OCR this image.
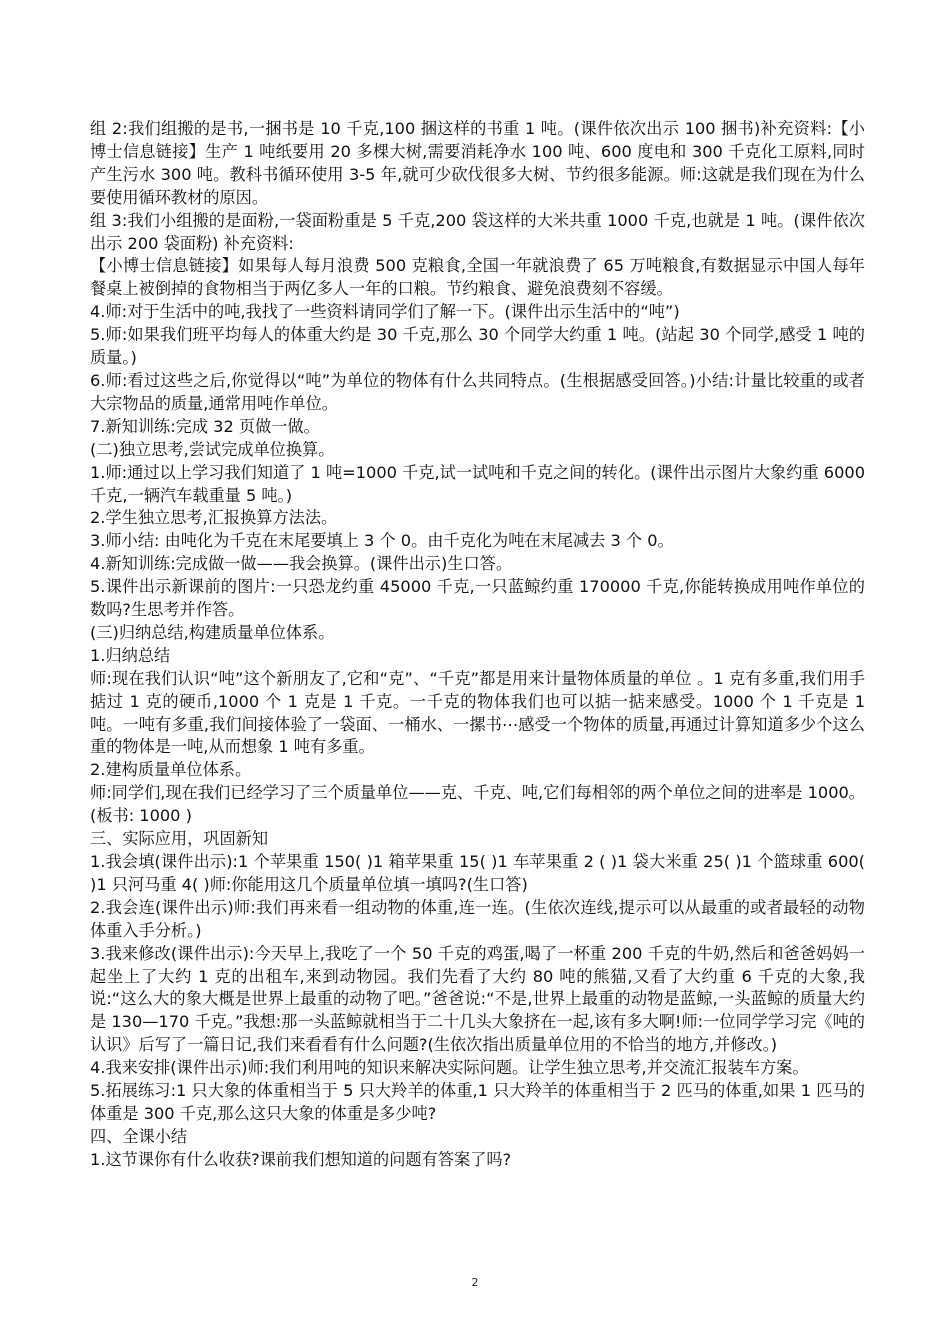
组 2:我们组搬的是书,一捆书是 10 千克,100 捆这样的书重 1 吨。(课件依次出示 100 捆书)补充资料:【小博士信息链接】生产 1 吨纸要用 20 多棵大树,需要消耗净水 100 吨、600 度电和 300 千克化工原料,同时产生污水 300 吨。教科书循环使用 3-5 年,就可少砍伐很多大树、节约很多能源。师:这就是我们现在为什么要使用循环教材的原因。

组 3:我们小组搬的是面粉,一袋面粉重是 5 千克,200 袋这样的大米共重 1000 千克,也就是 1 吨。(课件依次出示 200 袋面粉) 补充资料:

【小博士信息链接】如果每人每月浪费 500 克粮食,全国一年就浪费了 65 万吨粮食,有数据显示中国人每年餐桌上被倒掉的食物相当于两亿多人一年的口粮。节约粮食、避免浪费刻不容缓。

4.师:对于生活中的吨,我找了一些资料请同学们了解一下。(课件出示生活中的“吨”)

5.师:如果我们班平均每人的体重大约是 30 千克,那么 30 个同学大约重 1 吨。(站起 30 个同学,感受 1 吨的质量。)

6.师:看过这些之后,你觉得以“吨”为单位的物体有什么共同特点。(生根据感受回答。)小结:计量比较重的或者大宗物品的质量,通常用吨作单位。

7.新知训练:完成 32 页做一做。

(二)独立思考,尝试完成单位换算。

1.师:通过以上学习我们知道了 1 吨=1000 千克,试一试吨和千克之间的转化。(课件出示图片大象约重 6000 千克,一辆汽车载重量 5 吨。)

2.学生独立思考,汇报换算方法法。

3.师小结: 由吨化为千克在末尾要填上 3 个 0。由千克化为吨在末尾减去 3 个 0。

4.新知训练:完成做一做——我会换算。(课件出示)生口答。

5.课件出示新课前的图片:一只恐龙约重 45000 千克,一只蓝鲸约重 170000 千克,你能转换成用吨作单位的数吗?生思考并作答。

(三)归纳总结,构建质量单位体系。

1.归纳总结

师:现在我们认识“吨”这个新朋友了,它和“克”、“千克”都是用来计量物体质量的单位 。1 克有多重,我们用手掂过 1 克的硬币,1000 个 1 克是 1 千克。一千克的物体我们也可以掂一掂来感受。1000 个 1 千克是 1 吨。一吨有多重,我们间接体验了一袋面、一桶水、一摞书⋯感受一个物体的质量,再通过计算知道多少个这么重的物体是一吨,从而想象 1 吨有多重。

2.建构质量单位体系。

师:同学们,现在我们已经学习了三个质量单位——克、千克、吨,它们每相邻的两个单位之间的进率是 1000。(板书: 1000 )

三、实际应用，巩固新知

1.我会填(课件出示):1 个苹果重 150( )1 箱苹果重 15( )1 车苹果重 2 ( )1 袋大米重 25( )1 个篮球重 600( )1 只河马重 4( )师:你能用这几个质量单位填一填吗?(生口答)

2.我会连(课件出示)师:我们再来看一组动物的体重,连一连。(生依次连线,提示可以从最重的或者最轻的动物体重入手分析。)

3.我来修改(课件出示):今天早上,我吃了一个 50 千克的鸡蛋,喝了一杯重 200 千克的牛奶,然后和爸爸妈妈一起坐上了大约 1 克的出租车,来到动物园。我们先看了大约 80 吨的熊猫,又看了大约重 6 千克的大象,我说:“这么大的象大概是世界上最重的动物了吧。”爸爸说:“不是,世界上最重的动物是蓝鲸,一头蓝鲸的质量大约是 130—170 千克。”我想:那一头蓝鲸就相当于二十几头大象挤在一起,该有多大啊!师:一位同学学习完《吨的认识》后写了一篇日记,我们来看看有什么问题?(生依次指出质量单位用的不恰当的地方,并修改。)

4.我来安排(课件出示)师:我们利用吨的知识来解决实际问题。让学生独立思考,并交流汇报装车方案。

5.拓展练习:1 只大象的体重相当于 5 只大羚羊的体重,1 只大羚羊的体重相当于 2 匹马的体重,如果 1 匹马的体重是 300 千克,那么这只大象的体重是多少吨?

四、全课小结

1.这节课你有什么收获?课前我们想知道的问题有答案了吗?

2
